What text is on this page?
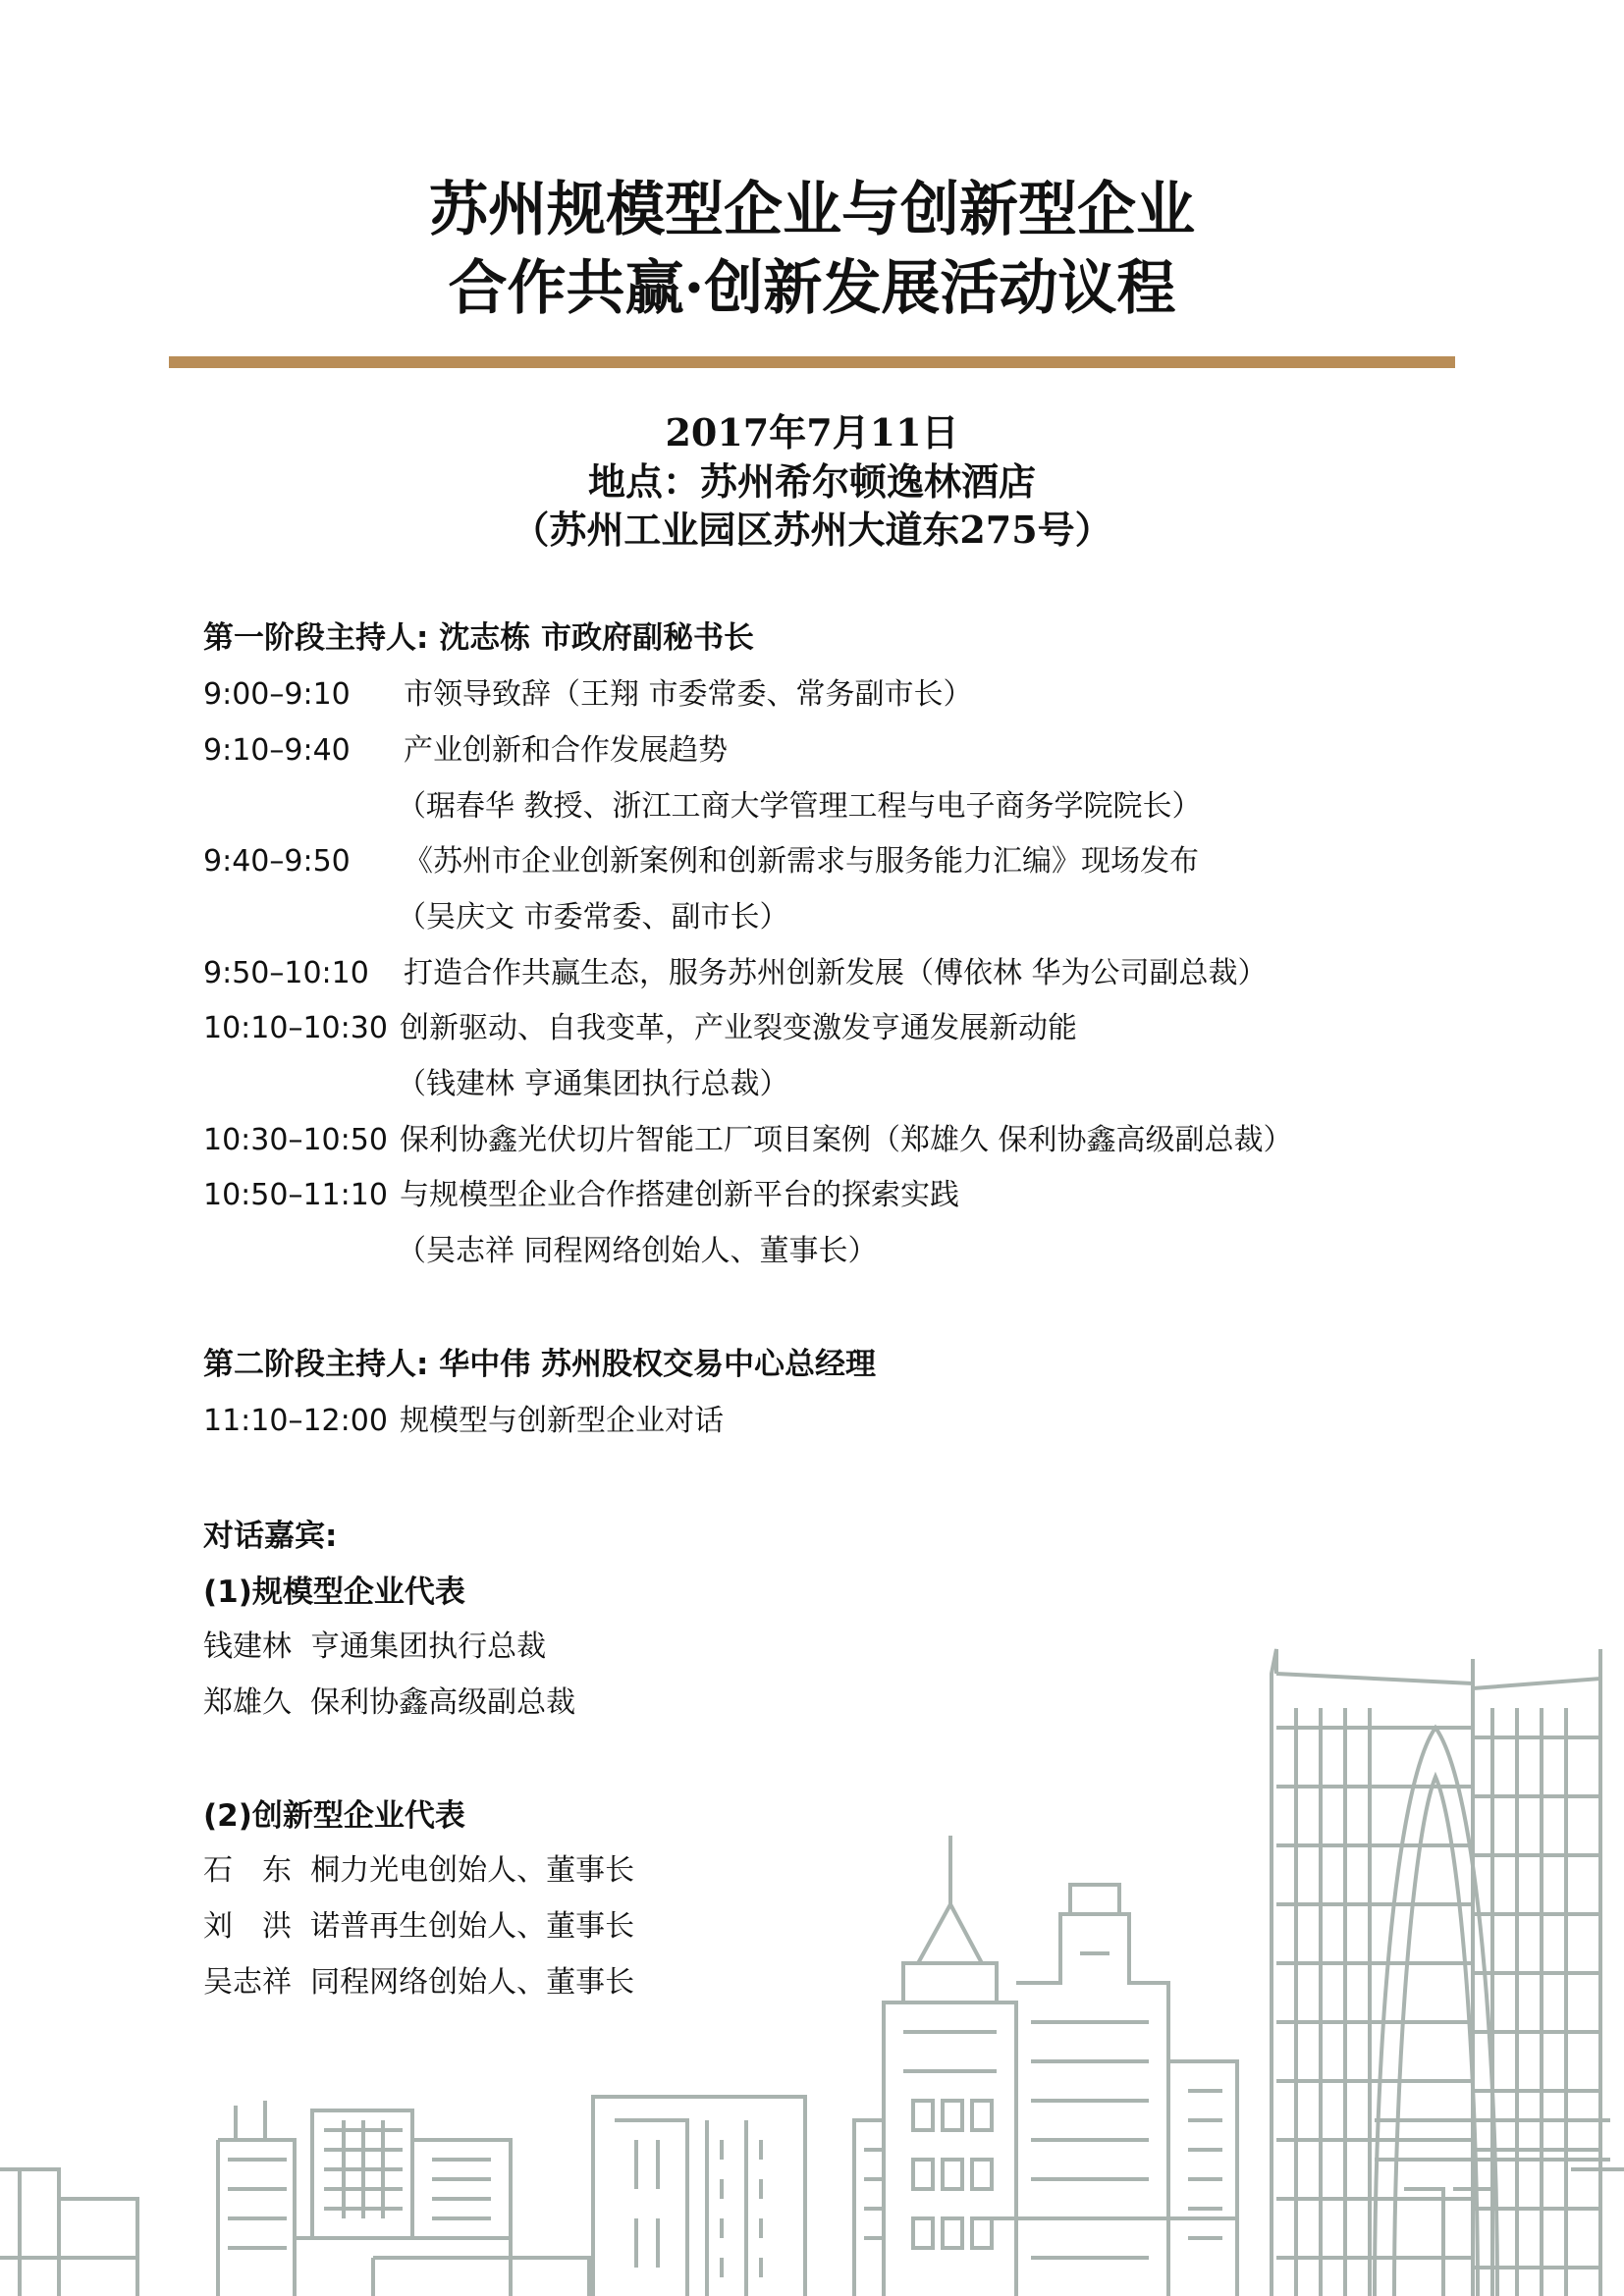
苏州规模型企业与创新型企业
合作共赢·创新发展活动议程
2017年7月11日
地点：苏州希尔顿逸林酒店
（苏州工业园区苏州大道东275号）
第一阶段主持人: 沈志栋 市政府副秘书长
9:00–9:10 市领导致辞（王翔 市委常委、常务副市长）
9:10–9:40 产业创新和合作发展趋势
（琚春华 教授、浙江工商大学管理工程与电子商务学院院长）
9:40–9:50 《苏州市企业创新案例和创新需求与服务能力汇编》现场发布
（吴庆文 市委常委、副市长）
9:50–10:10 打造合作共赢生态，服务苏州创新发展（傅依林 华为公司副总裁）
10:10–10:30 创新驱动、自我变革，产业裂变激发亨通发展新动能
（钱建林 亨通集团执行总裁）
10:30–10:50 保利协鑫光伏切片智能工厂项目案例（郑雄久 保利协鑫高级副总裁）
10:50–11:10 与规模型企业合作搭建创新平台的探索实践
（吴志祥 同程网络创始人、董事长）
第二阶段主持人: 华中伟 苏州股权交易中心总经理
11:10–12:00 规模型与创新型企业对话
对话嘉宾:
(1)规模型企业代表
钱建林 亨通集团执行总裁
郑雄久 保利协鑫高级副总裁
(2)创新型企业代表
石　东 桐力光电创始人、董事长
刘　洪 诺普再生创始人、董事长
吴志祥 同程网络创始人、董事长
